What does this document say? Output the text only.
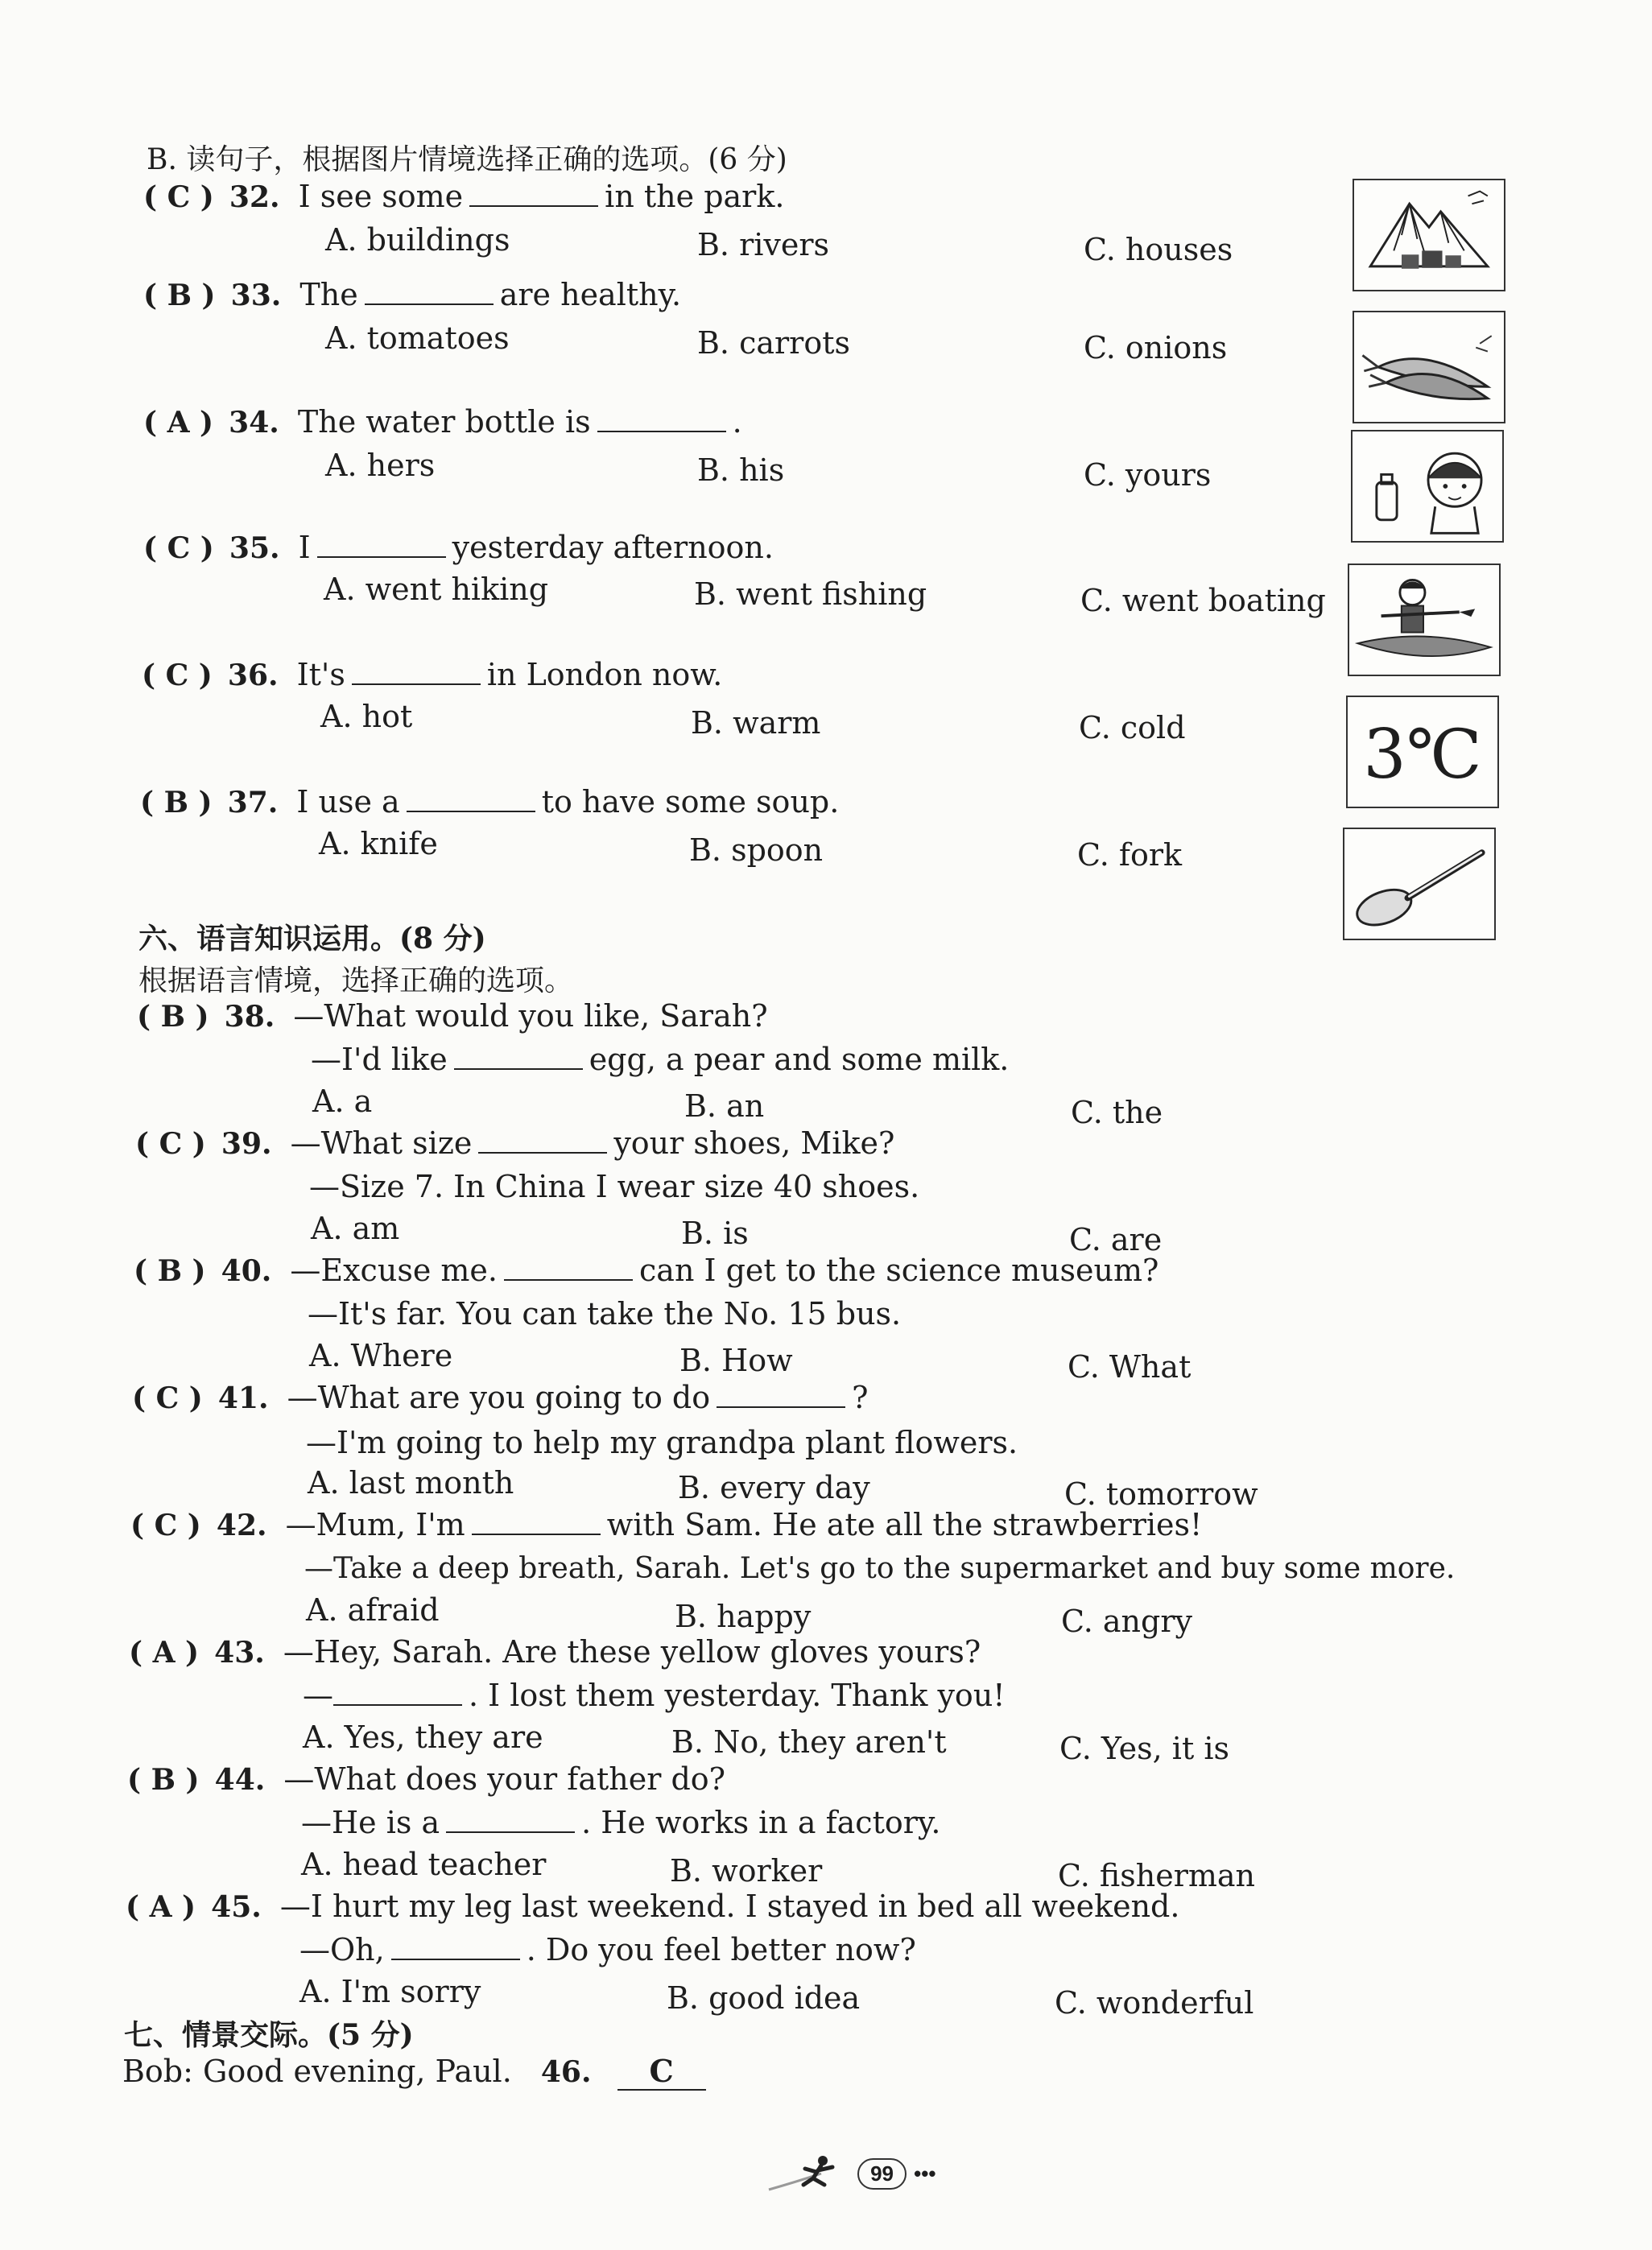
B. 读句子，根据图片情境选择正确的选项。(6 分)
( C ) 32. I see some	in the park.
A. buildings	B. rivers	C. houses
( B ) 33. The	are healthy.
A. tomatoes	B. carrots	C. onions
( A ) 34. The water bottle is	.
A. hers	B. his	C. yours
( C ) 35. I	yesterday afternoon.
A. went hiking	B. went fishing	C. went boating
( C ) 36. It's	in London now.
A. hot	B. warm	C. cold	3℃
( B ) 37. I use a	to have some soup.
A. knife	B. spoon	C. fork
六、语言知识运用。(8 分)
根据语言情境，选择正确的选项。
( B ) 38. —What would you like, Sarah?
—I'd like	egg, a pear and some milk.
A. a	B. an	C. the
( C ) 39. —What size	your shoes, Mike?
—Size 7. In China I wear size 40 shoes.
A. am	B. is	C. are
( B ) 40. —Excuse me.	can I get to the science museum?
—It's far. You can take the No. 15 bus.
A. Where	B. How	C. What
( C ) 41. —What are you going to do	?
—I'm going to help my grandpa plant flowers.
A. last month	B. every day	C. tomorrow
( C ) 42. —Mum, I'm	with Sam. He ate all the strawberries!
—Take a deep breath, Sarah. Let's go to the supermarket and buy some more.
A. afraid	B. happy	C. angry
( A ) 43. —Hey, Sarah. Are these yellow gloves yours?
—	. I lost them yesterday. Thank you!
A. Yes, they are	B. No, they aren't	C. Yes, it is
( B ) 44. —What does your father do?
—He is a	. He works in a factory.
A. head teacher	B. worker	C. fisherman
( A ) 45. —I hurt my leg last weekend. I stayed in bed all weekend.
—Oh,	. Do you feel better now?
A. I'm sorry	B. good idea	C. wonderful
七、情景交际。(5 分)
Bob: Good evening, Paul. 46. C
99 •••
